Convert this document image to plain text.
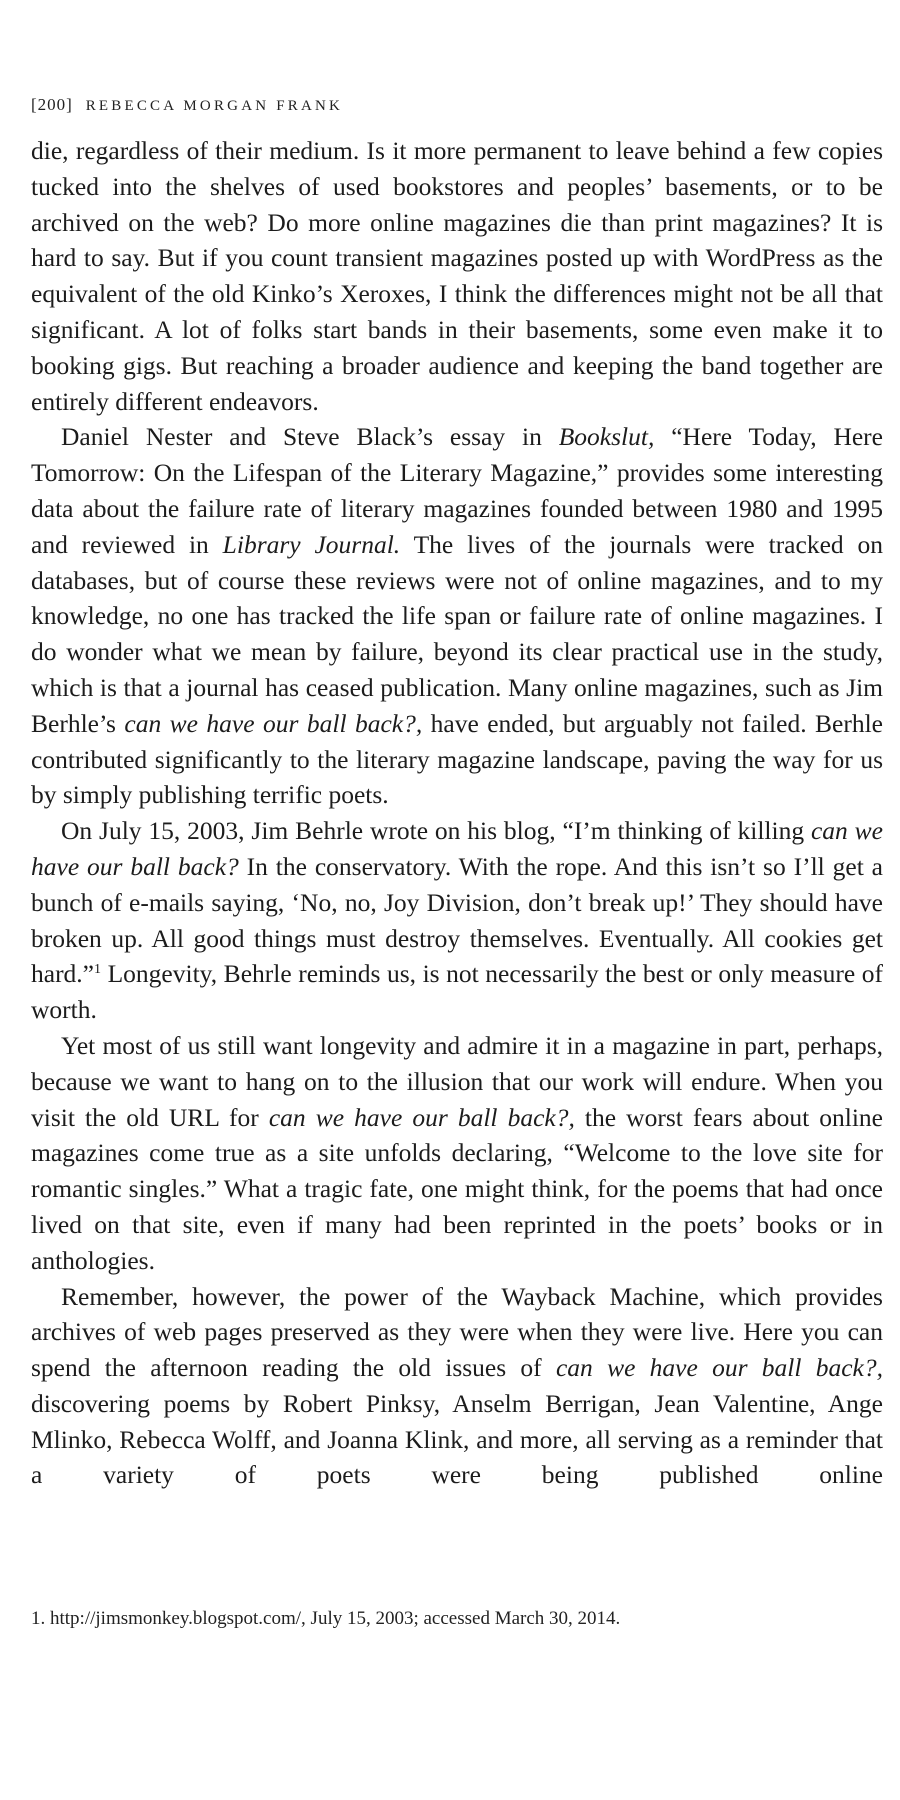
[200] REBECCA MORGAN FRANK

die, regardless of their medium. Is it more permanent to leave behind a few copies tucked into the shelves of used bookstores and peoples’ basements, or to be archived on the web? Do more online magazines die than print magazines? It is hard to say. But if you count transient magazines posted up with WordPress as the equivalent of the old Kinko’s Xeroxes, I think the differences might not be all that significant. A lot of folks start bands in their basements, some even make it to booking gigs. But reaching a broader audience and keeping the band together are entirely different endeavors.

Daniel Nester and Steve Black’s essay in Bookslut, “Here Today, Here Tomorrow: On the Lifespan of the Literary Magazine,” provides some interesting data about the failure rate of literary magazines founded between 1980 and 1995 and reviewed in Library Journal. The lives of the journals were tracked on databases, but of course these reviews were not of online magazines, and to my knowledge, no one has tracked the life span or failure rate of online magazines. I do wonder what we mean by failure, beyond its clear practical use in the study, which is that a journal has ceased publication. Many online magazines, such as Jim Berhle’s can we have our ball back?, have ended, but arguably not failed. Berhle contributed significantly to the literary magazine landscape, paving the way for us by simply publishing terrific poets.

On July 15, 2003, Jim Behrle wrote on his blog, “I’m thinking of killing can we have our ball back? In the conservatory. With the rope. And this isn’t so I’ll get a bunch of e-mails saying, ‘No, no, Joy Division, don’t break up!’ They should have broken up. All good things must destroy themselves. Eventually. All cookies get hard.”$^1$ Longevity, Behrle reminds us, is not necessarily the best or only measure of worth.

Yet most of us still want longevity and admire it in a magazine in part, perhaps, because we want to hang on to the illusion that our work will endure. When you visit the old URL for can we have our ball back?, the worst fears about online magazines come true as a site unfolds declaring, “Welcome to the love site for romantic singles.” What a tragic fate, one might think, for the poems that had once lived on that site, even if many had been reprinted in the poets’ books or in anthologies.

Remember, however, the power of the Wayback Machine, which provides archives of web pages preserved as they were when they were live. Here you can spend the afternoon reading the old issues of can we have our ball back?, discovering poems by Robert Pinksy, Anselm Berrigan, Jean Valentine, Ange Mlinko, Rebecca Wolff, and Joanna Klink, and more, all serving as a reminder that a variety of poets were being published online

1. http://jimsmonkey.blogspot.com/, July 15, 2003; accessed March 30, 2014.
